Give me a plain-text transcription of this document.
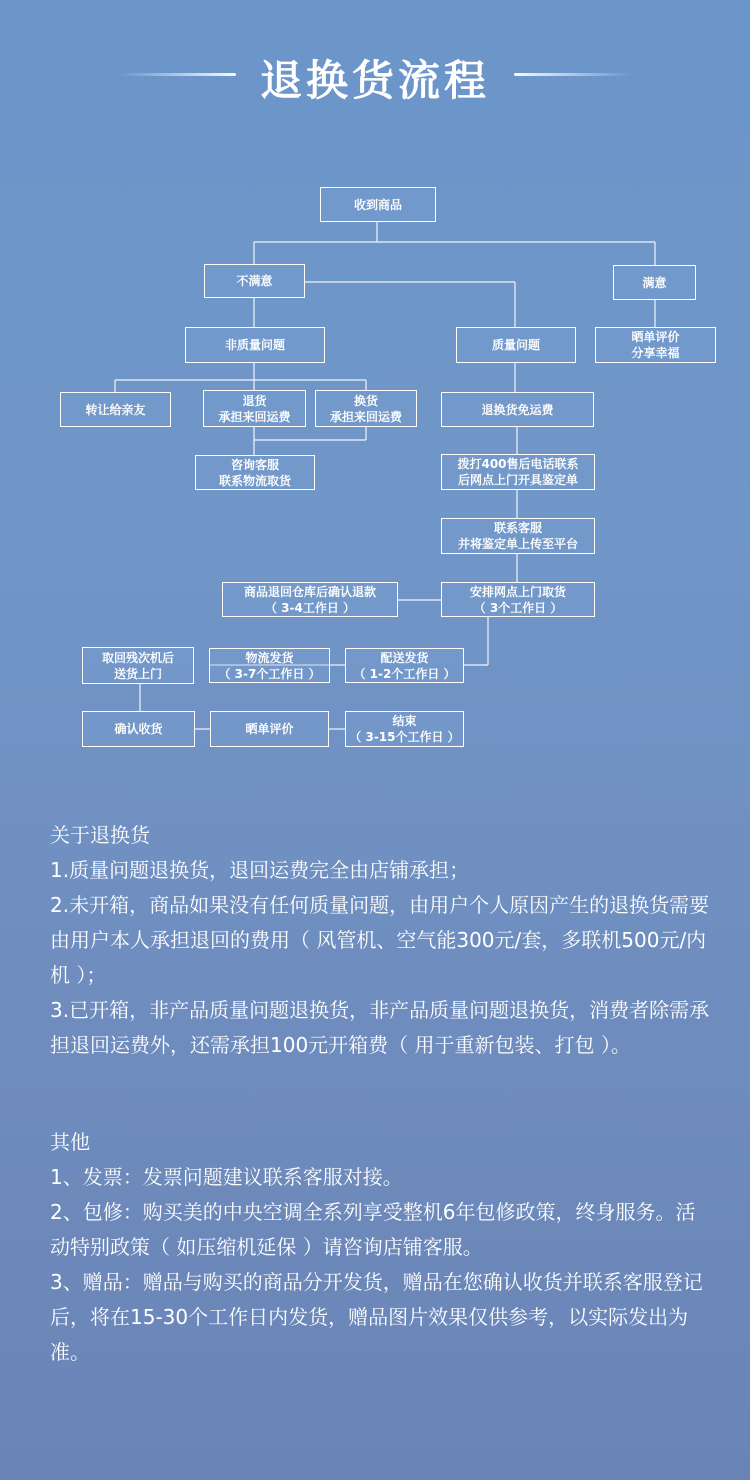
退换货流程
收到商品
不满意	满意
非质量问题	质量问题
晒单评价
分享幸福
转让给亲友
退货
承担来回运费
换货
承担来回运费	退换货免运费
咨询客服
联系物流取货
拨打400售后电话联系
后网点上门开具鉴定单
联系客服
并将鉴定单上传至平台
商品退回仓库后确认退款
（ 3-4工作日 ）
安排网点上门取货
（ 3个工作日 ）
取回残次机后
送货上门
物流发货
（ 3-7个工作日 ）
配送发货
（ 1-2个工作日 ）
确认收货	晒单评价
结束
（ 3-15个工作日 ）

关于退换货

1.质量问题退换货，退回运费完全由店铺承担；

2.未开箱，商品如果没有任何质量问题，由用户个人原因产生的退换货需要由用户本人承担退回的费用（ 风管机、空气能300元/套，多联机500元/内机 ）；

3.已开箱，非产品质量问题退换货，非产品质量问题退换货，消费者除需承担退回运费外，还需承担100元开箱费（ 用于重新包装、打包 ）。

其他

1、发票：发票问题建议联系客服对接。

2、包修：购买美的中央空调全系列享受整机6年包修政策，终身服务。活动特别政策（ 如压缩机延保 ）请咨询店铺客服。

3、赠品：赠品与购买的商品分开发货，赠品在您确认收货并联系客服登记后，将在15-30个工作日内发货，赠品图片效果仅供参考，以实际发出为准。
